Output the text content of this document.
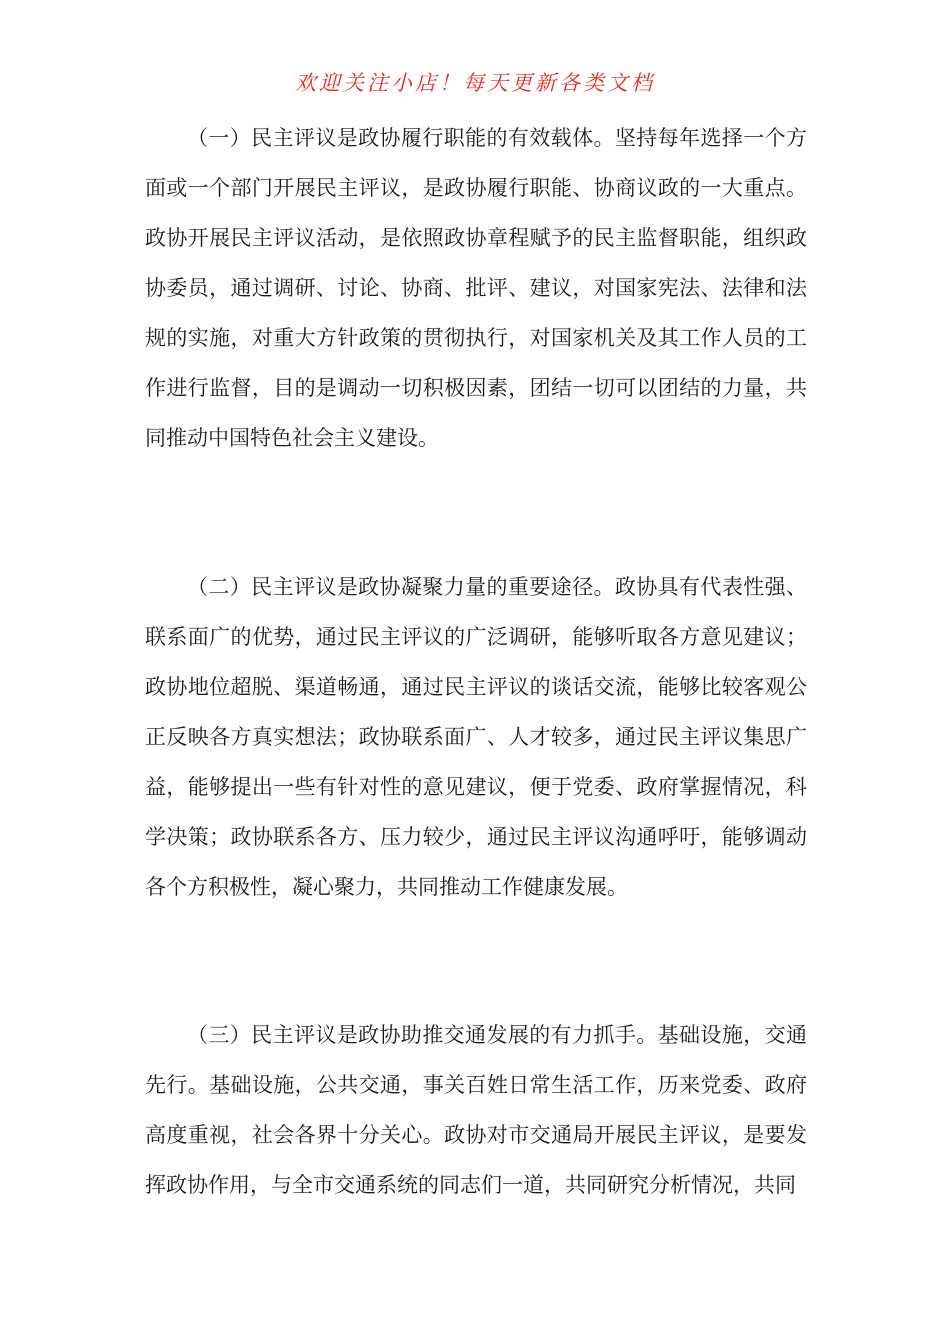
欢迎关注小店！每天更新各类文档

（一）民主评议是政协履行职能的有效载体。坚持每年选择一个方面或一个部门开展民主评议，是政协履行职能、协商议政的一大重点。政协开展民主评议活动，是依照政协章程赋予的民主监督职能，组织政协委员，通过调研、讨论、协商、批评、建议，对国家宪法、法律和法规的实施，对重大方针政策的贯彻执行，对国家机关及其工作人员的工作进行监督，目的是调动一切积极因素，团结一切可以团结的力量，共同推动中国特色社会主义建设。

（二）民主评议是政协凝聚力量的重要途径。政协具有代表性强、联系面广的优势，通过民主评议的广泛调研，能够听取各方意见建议；政协地位超脱、渠道畅通，通过民主评议的谈话交流，能够比较客观公正反映各方真实想法；政协联系面广、人才较多，通过民主评议集思广益，能够提出一些有针对性的意见建议，便于党委、政府掌握情况，科学决策；政协联系各方、压力较少，通过民主评议沟通呼吁，能够调动各个方积极性，凝心聚力，共同推动工作健康发展。

（三）民主评议是政协助推交通发展的有力抓手。基础设施，交通先行。基础设施，公共交通，事关百姓日常生活工作，历来党委、政府高度重视，社会各界十分关心。政协对市交通局开展民主评议，是要发挥政协作用，与全市交通系统的同志们一道，共同研究分析情况，共同
